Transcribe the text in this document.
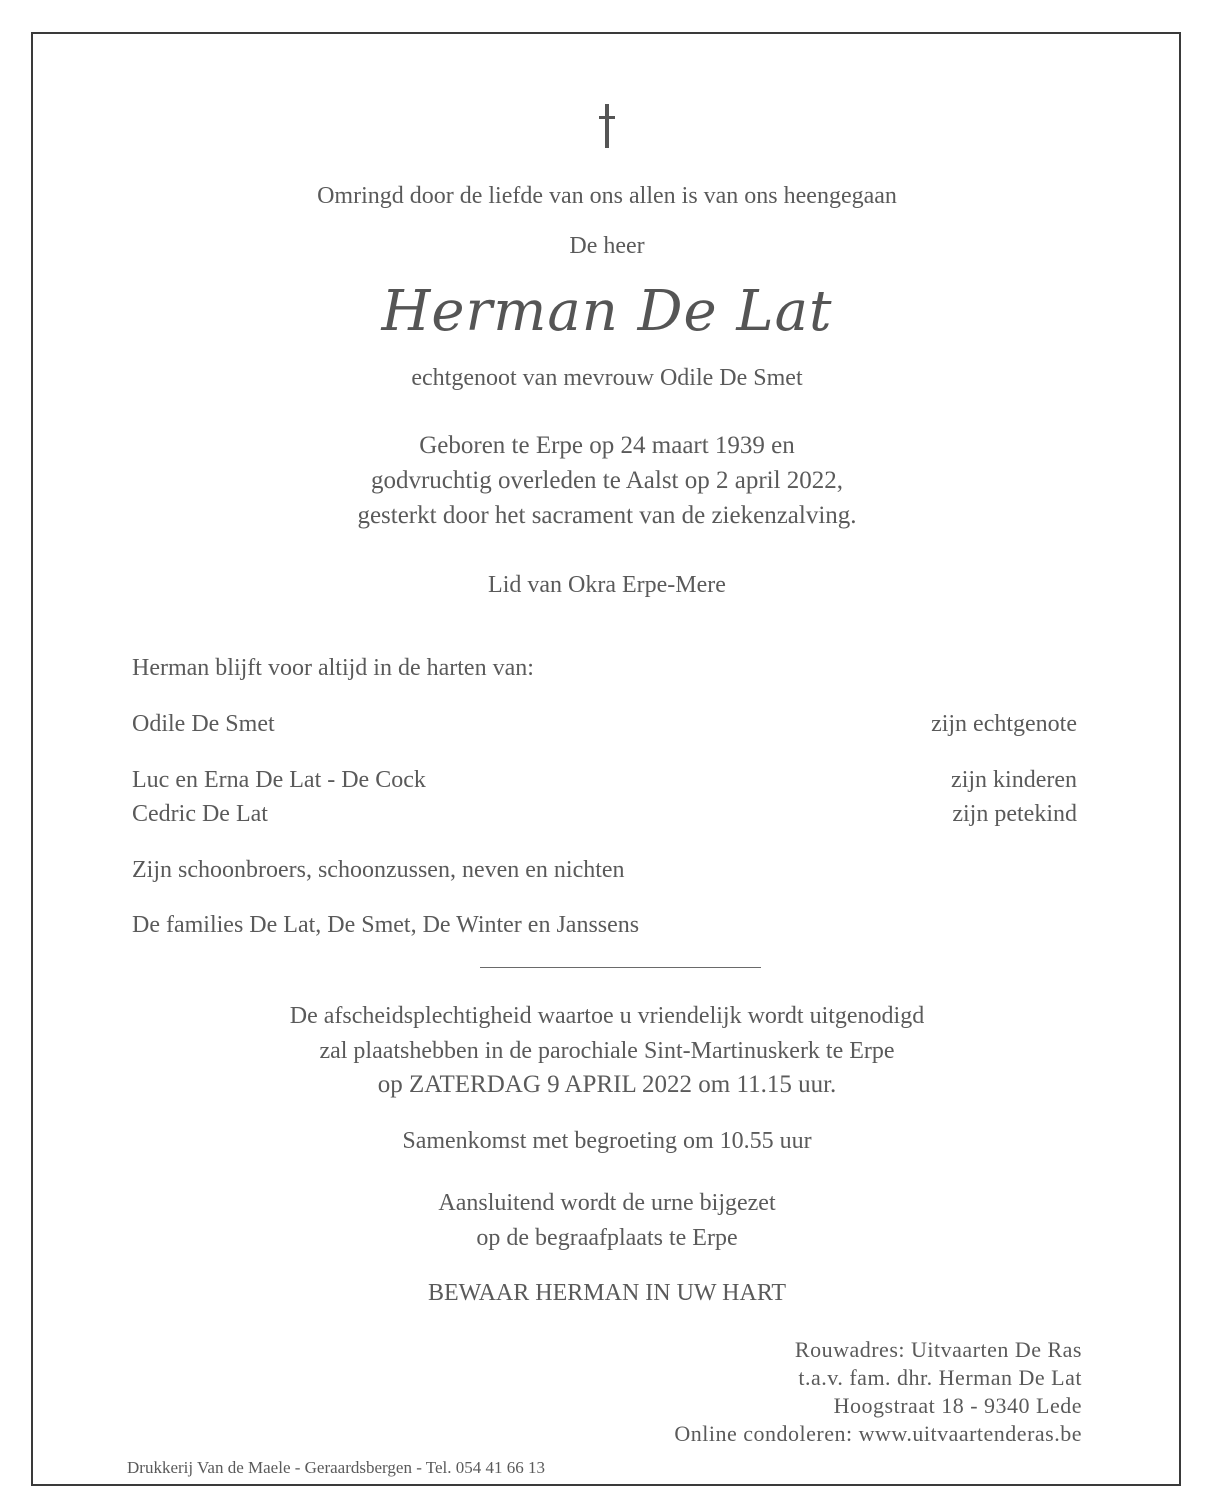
Omringd door de liefde van ons allen is van ons heengegaan
De heer
Herman De Lat
echtgenoot van mevrouw Odile De Smet
Geboren te Erpe op 24 maart 1939 en
godvruchtig overleden te Aalst op 2 april 2022,
gesterkt door het sacrament van de ziekenzalving.
Lid van Okra Erpe-Mere
Herman blijft voor altijd in de harten van:
Odile De Smet	zijn echtgenote
Luc en Erna De Lat - De Cock	zijn kinderen
Cedric De Lat	zijn petekind
Zijn schoonbroers, schoonzussen, neven en nichten
De families De Lat, De Smet, De Winter en Janssens
De afscheidsplechtigheid waartoe u vriendelijk wordt uitgenodigd
zal plaatshebben in de parochiale Sint-Martinuskerk te Erpe
op ZATERDAG 9 APRIL 2022 om 11.15 uur.
Samenkomst met begroeting om 10.55 uur
Aansluitend wordt de urne bijgezet
op de begraafplaats te Erpe
BEWAAR HERMAN IN UW HART
Rouwadres: Uitvaarten De Ras
t.a.v. fam. dhr. Herman De Lat
Hoogstraat 18 - 9340 Lede
Online condoleren: www.uitvaartenderas.be
Drukkerij Van de Maele - Geraardsbergen - Tel. 054 41 66 13
